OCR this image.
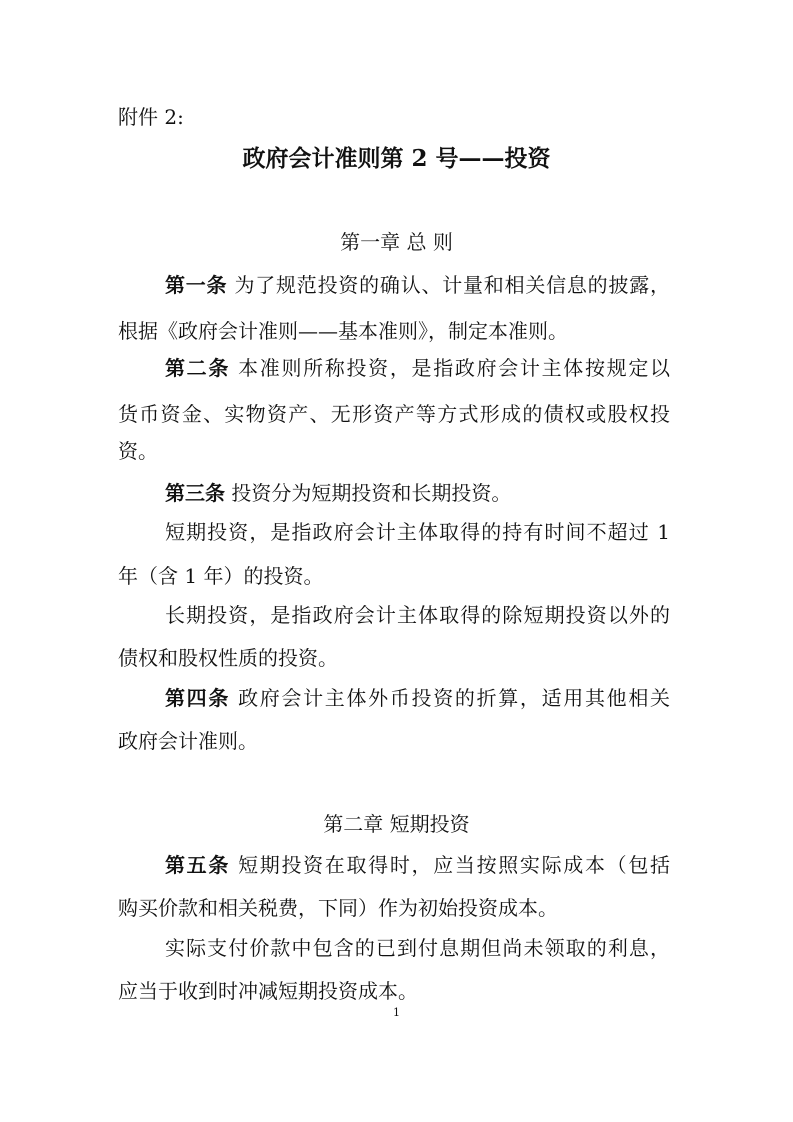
附件 2:
政府会计准则第 2 号——投资
第一章 总 则
第一条 为了规范投资的确认、计量和相关信息的披露，
根据《政府会计准则——基本准则》，制定本准则。
第二条 本准则所称投资，是指政府会计主体按规定以
货币资金、实物资产、无形资产等方式形成的债权或股权投
资。
第三条 投资分为短期投资和长期投资。
短期投资，是指政府会计主体取得的持有时间不超过 1
年（含 1 年）的投资。
长期投资，是指政府会计主体取得的除短期投资以外的
债权和股权性质的投资。
第四条 政府会计主体外币投资的折算，适用其他相关
政府会计准则。
第二章 短期投资
第五条 短期投资在取得时，应当按照实际成本（包括
购买价款和相关税费，下同）作为初始投资成本。
实际支付价款中包含的已到付息期但尚未领取的利息，
应当于收到时冲减短期投资成本。
1
